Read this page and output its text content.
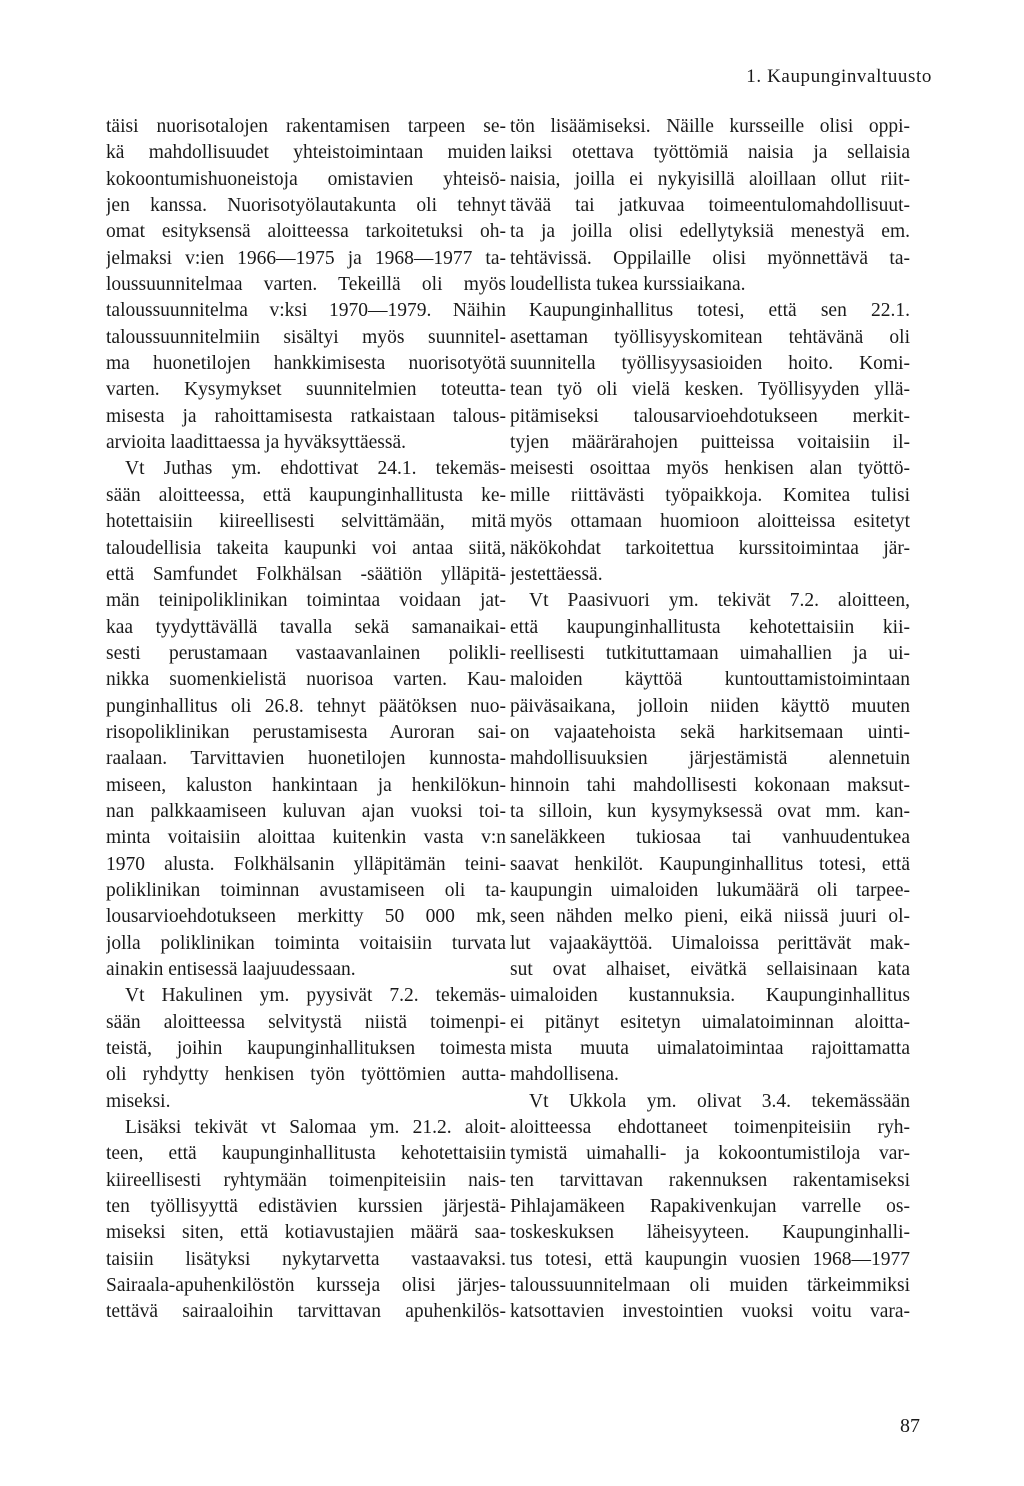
1. Kaupunginvaltuusto
täisi nuorisotalojen rakentamisen tarpeen se-
kä mahdollisuudet yhteistoimintaan muiden
kokoontumishuoneistoja omistavien yhteisö-
jen kanssa. Nuorisotyölautakunta oli tehnyt
omat esityksensä aloitteessa tarkoitetuksi oh-
jelmaksi v:ien 1966—1975 ja 1968—1977 ta-
loussuunnitelmaa varten. Tekeillä oli myös
taloussuunnitelma v:ksi 1970—1979. Näihin
taloussuunnitelmiin sisältyi myös suunnitel-
ma huonetilojen hankkimisesta nuorisotyötä
varten. Kysymykset suunnitelmien toteutta-
misesta ja rahoittamisesta ratkaistaan talous-
arvioita laadittaessa ja hyväksyttäessä.
Vt Juthas ym. ehdottivat 24.1. tekemäs-
sään aloitteessa, että kaupunginhallitusta ke-
hotettaisiin kiireellisesti selvittämään, mitä
taloudellisia takeita kaupunki voi antaa siitä,
että Samfundet Folkhälsan -säätiön ylläpitä-
män teinipoliklinikan toimintaa voidaan jat-
kaa tyydyttävällä tavalla sekä samanaikai-
sesti perustamaan vastaavanlainen polikli-
nikka suomenkielistä nuorisoa varten. Kau-
punginhallitus oli 26.8. tehnyt päätöksen nuo-
risopoliklinikan perustamisesta Auroran sai-
raalaan. Tarvittavien huonetilojen kunnosta-
miseen, kaluston hankintaan ja henkilökun-
nan palkkaamiseen kuluvan ajan vuoksi toi-
minta voitaisiin aloittaa kuitenkin vasta v:n
1970 alusta. Folkhälsanin ylläpitämän teini-
poliklinikan toiminnan avustamiseen oli ta-
lousarvioehdotukseen merkitty 50 000 mk,
jolla poliklinikan toiminta voitaisiin turvata
ainakin entisessä laajuudessaan.
Vt Hakulinen ym. pyysivät 7.2. tekemäs-
sään aloitteessa selvitystä niistä toimenpi-
teistä, joihin kaupunginhallituksen toimesta
oli ryhdytty henkisen työn työttömien autta-
miseksi.
Lisäksi tekivät vt Salomaa ym. 21.2. aloit-
teen, että kaupunginhallitusta kehotettaisiin
kiireellisesti ryhtymään toimenpiteisiin nais-
ten työllisyyttä edistävien kurssien järjestä-
miseksi siten, että kotiavustajien määrä saa-
taisiin lisätyksi nykytarvetta vastaavaksi.
Sairaala-apuhenkilöstön kursseja olisi järjes-
tettävä sairaaloihin tarvittavan apuhenkilös-
tön lisäämiseksi. Näille kursseille olisi oppi-
laiksi otettava työttömiä naisia ja sellaisia
naisia, joilla ei nykyisillä aloillaan ollut riit-
tävää tai jatkuvaa toimeentulomahdollisuut-
ta ja joilla olisi edellytyksiä menestyä em.
tehtävissä. Oppilaille olisi myönnettävä ta-
loudellista tukea kurssiaikana.
Kaupunginhallitus totesi, että sen 22.1.
asettaman työllisyyskomitean tehtävänä oli
suunnitella työllisyysasioiden hoito. Komi-
tean työ oli vielä kesken. Työllisyyden yllä-
pitämiseksi talousarvioehdotukseen merkit-
tyjen määrärahojen puitteissa voitaisiin il-
meisesti osoittaa myös henkisen alan työttö-
mille riittävästi työpaikkoja. Komitea tulisi
myös ottamaan huomioon aloitteissa esitetyt
näkökohdat tarkoitettua kurssitoimintaa jär-
jestettäessä.
Vt Paasivuori ym. tekivät 7.2. aloitteen,
että kaupunginhallitusta kehotettaisiin kii-
reellisesti tutkituttamaan uimahallien ja ui-
maloiden käyttöä kuntouttamistoimintaan
päiväsaikana, jolloin niiden käyttö muuten
on vajaatehoista sekä harkitsemaan uinti-
mahdollisuuksien järjestämistä alennetuin
hinnoin tahi mahdollisesti kokonaan maksut-
ta silloin, kun kysymyksessä ovat mm. kan-
saneläkkeen tukiosaa tai vanhuudentukea
saavat henkilöt. Kaupunginhallitus totesi, että
kaupungin uimaloiden lukumäärä oli tarpee-
seen nähden melko pieni, eikä niissä juuri ol-
lut vajaakäyttöä. Uimaloissa perittävät mak-
sut ovat alhaiset, eivätkä sellaisinaan kata
uimaloiden kustannuksia. Kaupunginhallitus
ei pitänyt esitetyn uimalatoiminnan aloitta-
mista muuta uimalatoimintaa rajoittamatta
mahdollisena.
Vt Ukkola ym. olivat 3.4. tekemässään
aloitteessa ehdottaneet toimenpiteisiin ryh-
tymistä uimahalli- ja kokoontumistiloja var-
ten tarvittavan rakennuksen rakentamiseksi
Pihlajamäkeen Rapakivenkujan varrelle os-
toskeskuksen läheisyyteen. Kaupunginhalli-
tus totesi, että kaupungin vuosien 1968—1977
taloussuunnitelmaan oli muiden tärkeimmiksi
katsottavien investointien vuoksi voitu vara-
87
